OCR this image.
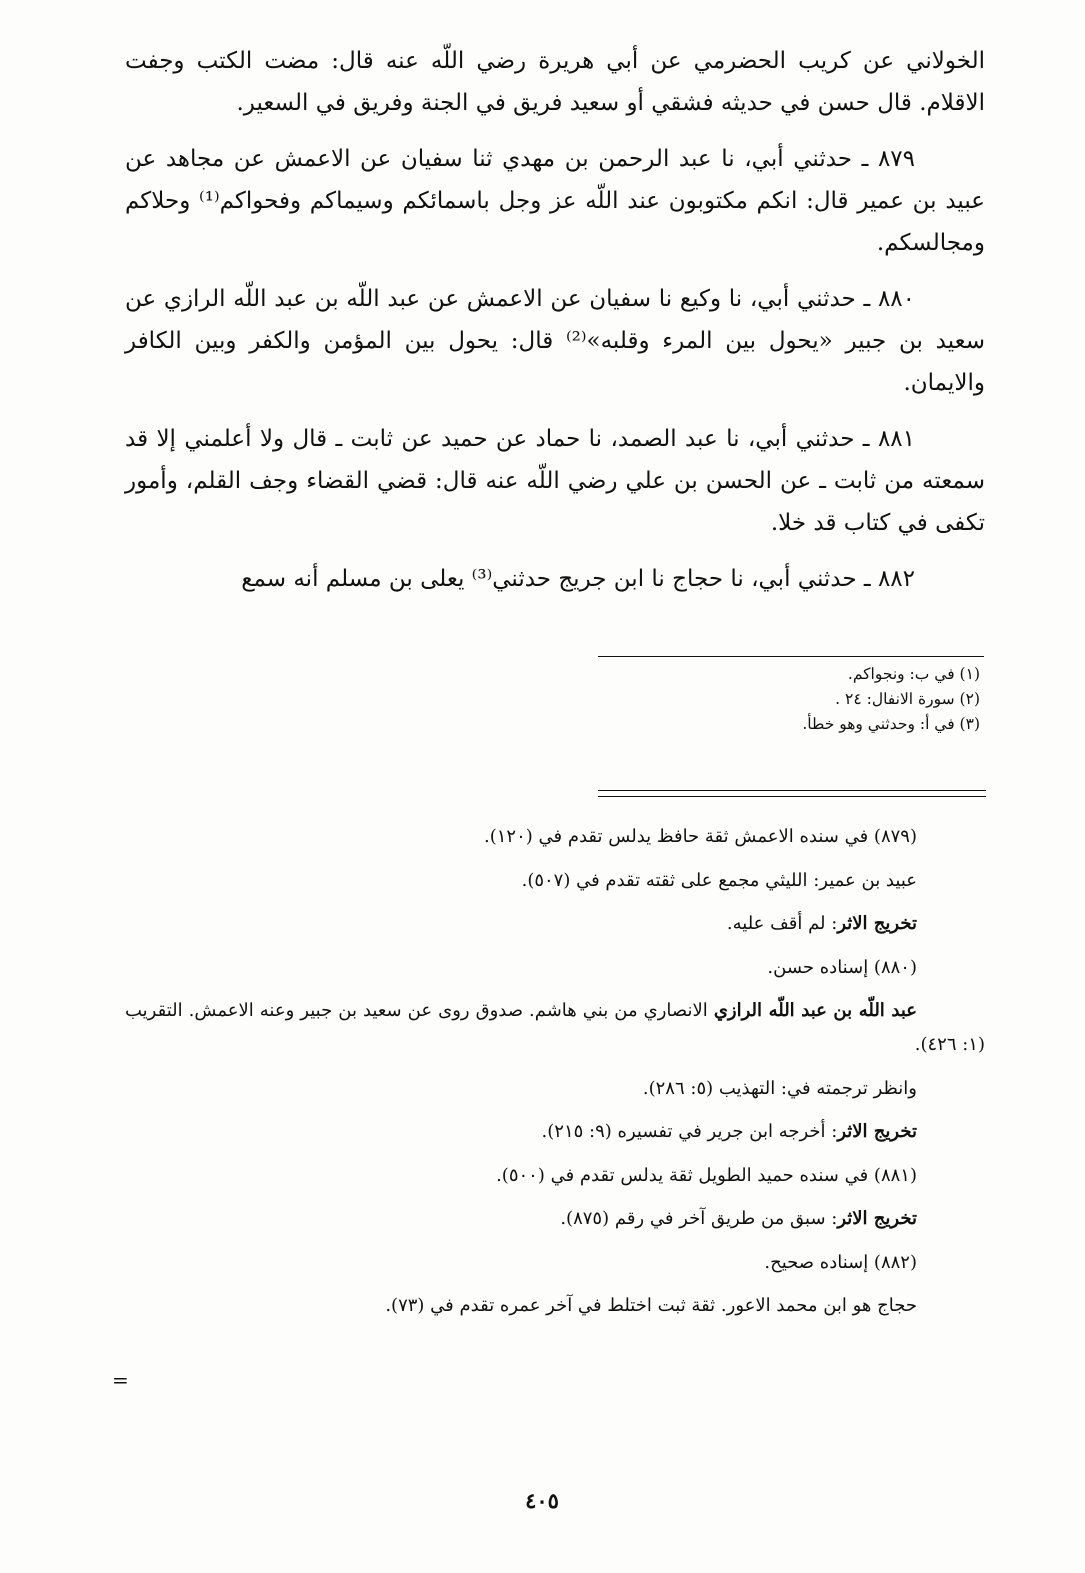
الخولاني عن كريب الحضرمي عن أبي هريرة رضي اللّه عنه قال: مضت الكتب وجفت الاقلام. قال حسن في حديثه فشقي أو سعيد فريق في الجنة وفريق في السعير.

٨٧٩ ـ حدثني أبي، نا عبد الرحمن بن مهدي ثنا سفيان عن الاعمش عن مجاهد عن عبيد بن عمير قال: انكم مكتوبون عند اللّه عز وجل باسمائكم وسيماكم وفحواكم⁽¹⁾ وحلاكم ومجالسكم.

٨٨٠ ـ حدثني أبي، نا وكيع نا سفيان عن الاعمش عن عبد اللّه بن عبد اللّه الرازي عن سعيد بن جبير «يحول بين المرء وقلبه»⁽²⁾ قال: يحول بين المؤمن والكفر وبين الكافر والايمان.

٨٨١ ـ حدثني أبي، نا عبد الصمد، نا حماد عن حميد عن ثابت ـ قال ولا أعلمني إلا قد سمعته من ثابت ـ عن الحسن بن علي رضي اللّه عنه قال: قضي القضاء وجف القلم، وأمور تكفى في كتاب قد خلا.

٨٨٢ ـ حدثني أبي، نا حجاج نا ابن جريج حدثني⁽³⁾ يعلى بن مسلم أنه سمع

(١) في ب: ونجواكم.

(٢) سورة الانفال: ٢٤ .

(٣) في أ: وحدثني وهو خطأ.

(٨٧٩) في سنده الاعمش ثقة حافظ يدلس تقدم في (١٢٠).

عبيد بن عمير: الليثي مجمع على ثقته تقدم في (٥٠٧).

تخريج الاثر: لم أقف عليه.

(٨٨٠) إسناده حسن.

عبد اللّه بن عبد اللّه الرازي الانصاري من بني هاشم. صدوق روى عن سعيد بن جبير وعنه الاعمش. التقريب (١: ٤٢٦).

وانظر ترجمته في: التهذيب (٥: ٢٨٦).

تخريج الاثر: أخرجه ابن جرير في تفسيره (٩: ٢١٥).

(٨٨١) في سنده حميد الطويل ثقة يدلس تقدم في (٥٠٠).

تخريج الاثر: سبق من طريق آخر في رقم (٨٧٥).

(٨٨٢) إسناده صحيح.

حجاج هو ابن محمد الاعور. ثقة ثبت اختلط في آخر عمره تقدم في (٧٣).

=
٤٠٥
